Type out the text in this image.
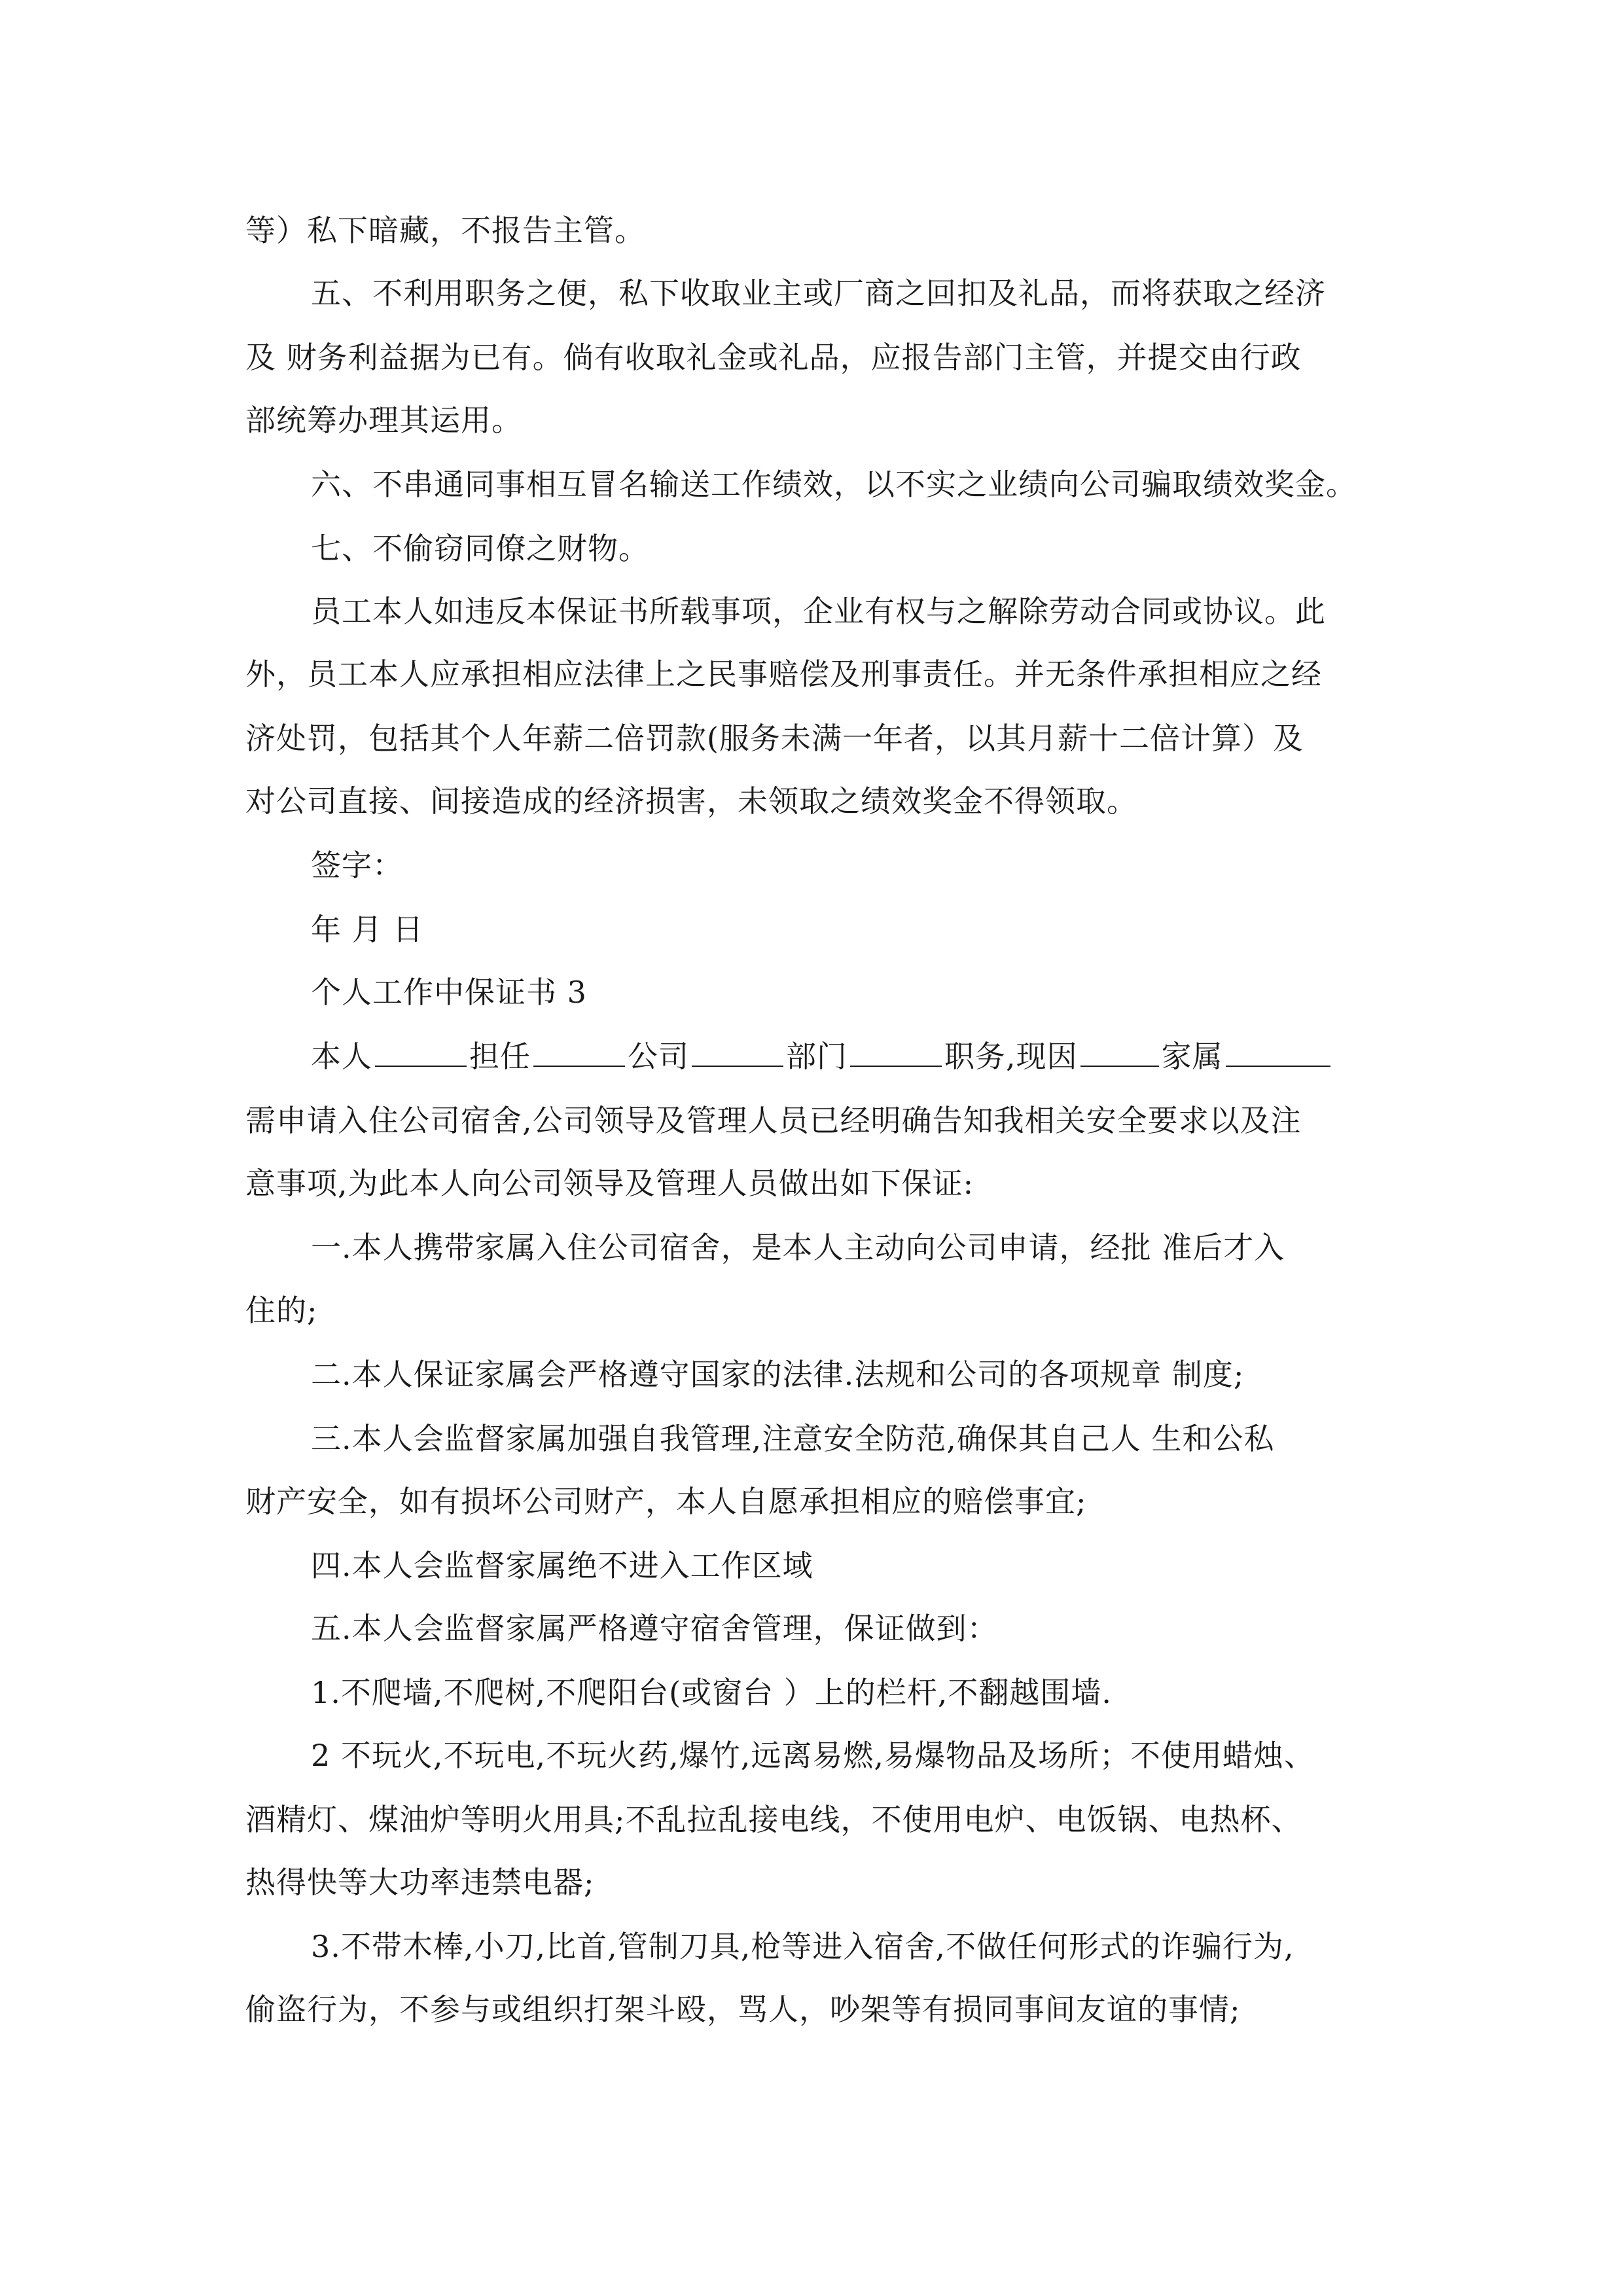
等）私下暗藏，不报告主管。
五、不利用职务之便，私下收取业主或厂商之回扣及礼品，而将获取之经济
及 财务利益据为已有。倘有收取礼金或礼品，应报告部门主管，并提交由行政
部统筹办理其运用。
六、不串通同事相互冒名输送工作绩效，以不实之业绩向公司骗取绩效奖金。
七、不偷窃同僚之财物。
员工本人如违反本保证书所载事项，企业有权与之解除劳动合同或协议。此
外，员工本人应承担相应法律上之民事赔偿及刑事责任。并无条件承担相应之经
济处罚，包括其个人年薪二倍罚款(服务未满一年者，以其月薪十二倍计算）及
对公司直接、间接造成的经济损害，未领取之绩效奖金不得领取。
签字：
年 月 日
个人工作中保证书 3
本人	担任	公司	部门	职务,现因	家属
需申请入住公司宿舍,公司领导及管理人员已经明确告知我相关安全要求以及注
意事项,为此本人向公司领导及管理人员做出如下保证:
一.本人携带家属入住公司宿舍，是本人主动向公司申请，经批 准后才入
住的;
二.本人保证家属会严格遵守国家的法律.法规和公司的各项规章 制度;
三.本人会监督家属加强自我管理,注意安全防范,确保其自己人 生和公私
财产安全，如有损坏公司财产，本人自愿承担相应的赔偿事宜;
四.本人会监督家属绝不进入工作区域
五.本人会监督家属严格遵守宿舍管理，保证做到：
1.不爬墙,不爬树,不爬阳台(或窗台 ）上的栏杆,不翻越围墙.
2 不玩火,不玩电,不玩火药,爆竹,远离易燃,易爆物品及场所；不使用蜡烛、
酒精灯、煤油炉等明火用具;不乱拉乱接电线，不使用电炉、电饭锅、电热杯、
热得快等大功率违禁电器;
3.不带木棒,小刀,比首,管制刀具,枪等进入宿舍,不做任何形式的诈骗行为,
偷盗行为，不参与或组织打架斗殴，骂人，吵架等有损同事间友谊的事情;
